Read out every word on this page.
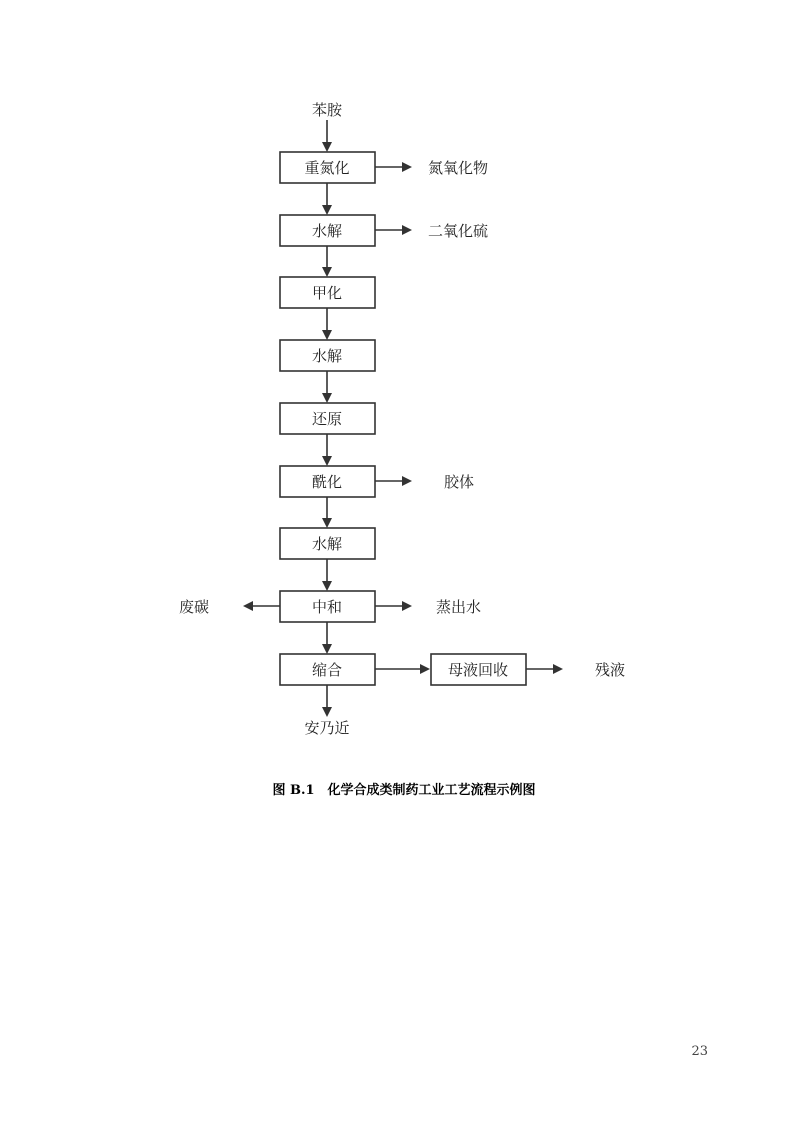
苯胺
重氮化	氮氧化物
水解	二氧化硫
甲化
水解
还原
酰化	胶体
水解
中和
废碳	蒸出水
缩合	母液回收	残液
安乃近
图 B.1　化学合成类制药工业工艺流程示例图
23
